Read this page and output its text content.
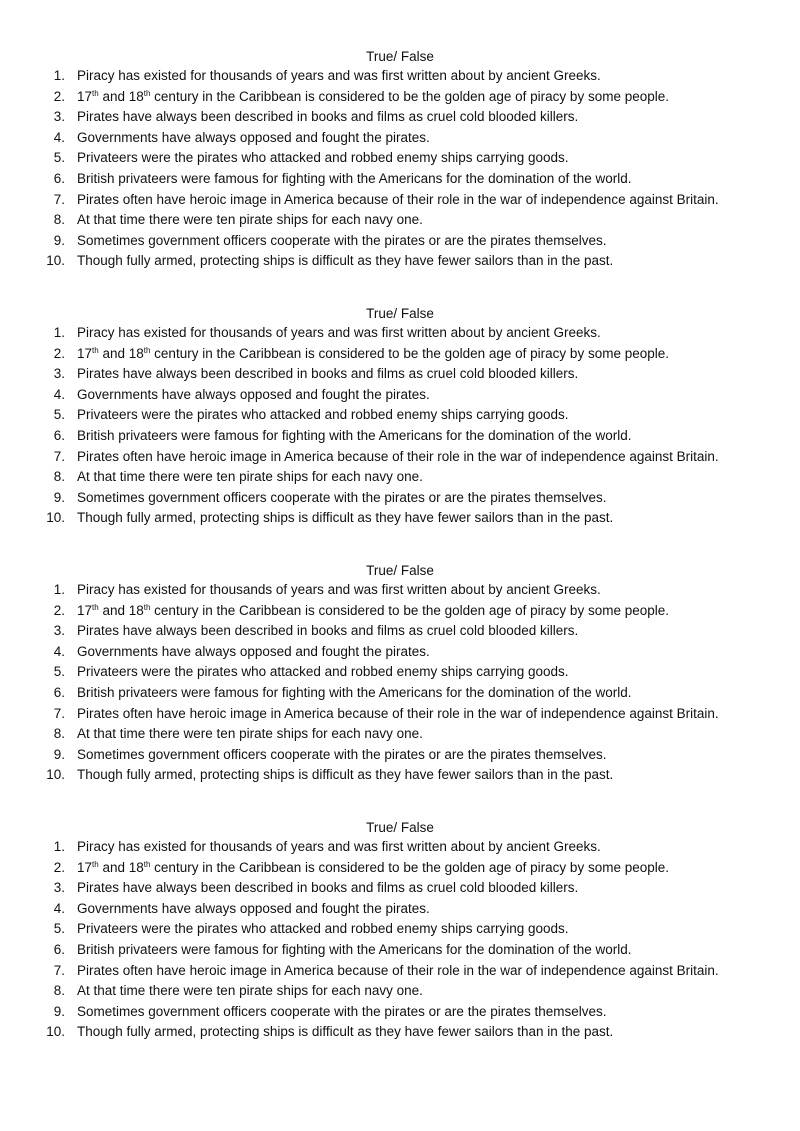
True/ False
1. Piracy has existed for thousands of years and was first written about by ancient Greeks.
2. 17th and 18th century in the Caribbean is considered to be the golden age of piracy by some people.
3. Pirates have always been described in books and films as cruel cold blooded killers.
4. Governments have always opposed and fought the pirates.
5. Privateers were the pirates who attacked and robbed enemy ships carrying goods.
6. British privateers were famous for fighting with the Americans for the domination of the world.
7. Pirates often have heroic image in America because of their role in the war of independence against Britain.
8. At that time there were ten pirate ships for each navy one.
9. Sometimes government officers cooperate with the pirates or are the pirates themselves.
10. Though fully armed, protecting ships is difficult as they have fewer sailors than in the past.
True/ False
1. Piracy has existed for thousands of years and was first written about by ancient Greeks.
2. 17th and 18th century in the Caribbean is considered to be the golden age of piracy by some people.
3. Pirates have always been described in books and films as cruel cold blooded killers.
4. Governments have always opposed and fought the pirates.
5. Privateers were the pirates who attacked and robbed enemy ships carrying goods.
6. British privateers were famous for fighting with the Americans for the domination of the world.
7. Pirates often have heroic image in America because of their role in the war of independence against Britain.
8. At that time there were ten pirate ships for each navy one.
9. Sometimes government officers cooperate with the pirates or are the pirates themselves.
10. Though fully armed, protecting ships is difficult as they have fewer sailors than in the past.
True/ False
1. Piracy has existed for thousands of years and was first written about by ancient Greeks.
2. 17th and 18th century in the Caribbean is considered to be the golden age of piracy by some people.
3. Pirates have always been described in books and films as cruel cold blooded killers.
4. Governments have always opposed and fought the pirates.
5. Privateers were the pirates who attacked and robbed enemy ships carrying goods.
6. British privateers were famous for fighting with the Americans for the domination of the world.
7. Pirates often have heroic image in America because of their role in the war of independence against Britain.
8. At that time there were ten pirate ships for each navy one.
9. Sometimes government officers cooperate with the pirates or are the pirates themselves.
10. Though fully armed, protecting ships is difficult as they have fewer sailors than in the past.
True/ False
1. Piracy has existed for thousands of years and was first written about by ancient Greeks.
2. 17th and 18th century in the Caribbean is considered to be the golden age of piracy by some people.
3. Pirates have always been described in books and films as cruel cold blooded killers.
4. Governments have always opposed and fought the pirates.
5. Privateers were the pirates who attacked and robbed enemy ships carrying goods.
6. British privateers were famous for fighting with the Americans for the domination of the world.
7. Pirates often have heroic image in America because of their role in the war of independence against Britain.
8. At that time there were ten pirate ships for each navy one.
9. Sometimes government officers cooperate with the pirates or are the pirates themselves.
10. Though fully armed, protecting ships is difficult as they have fewer sailors than in the past.
